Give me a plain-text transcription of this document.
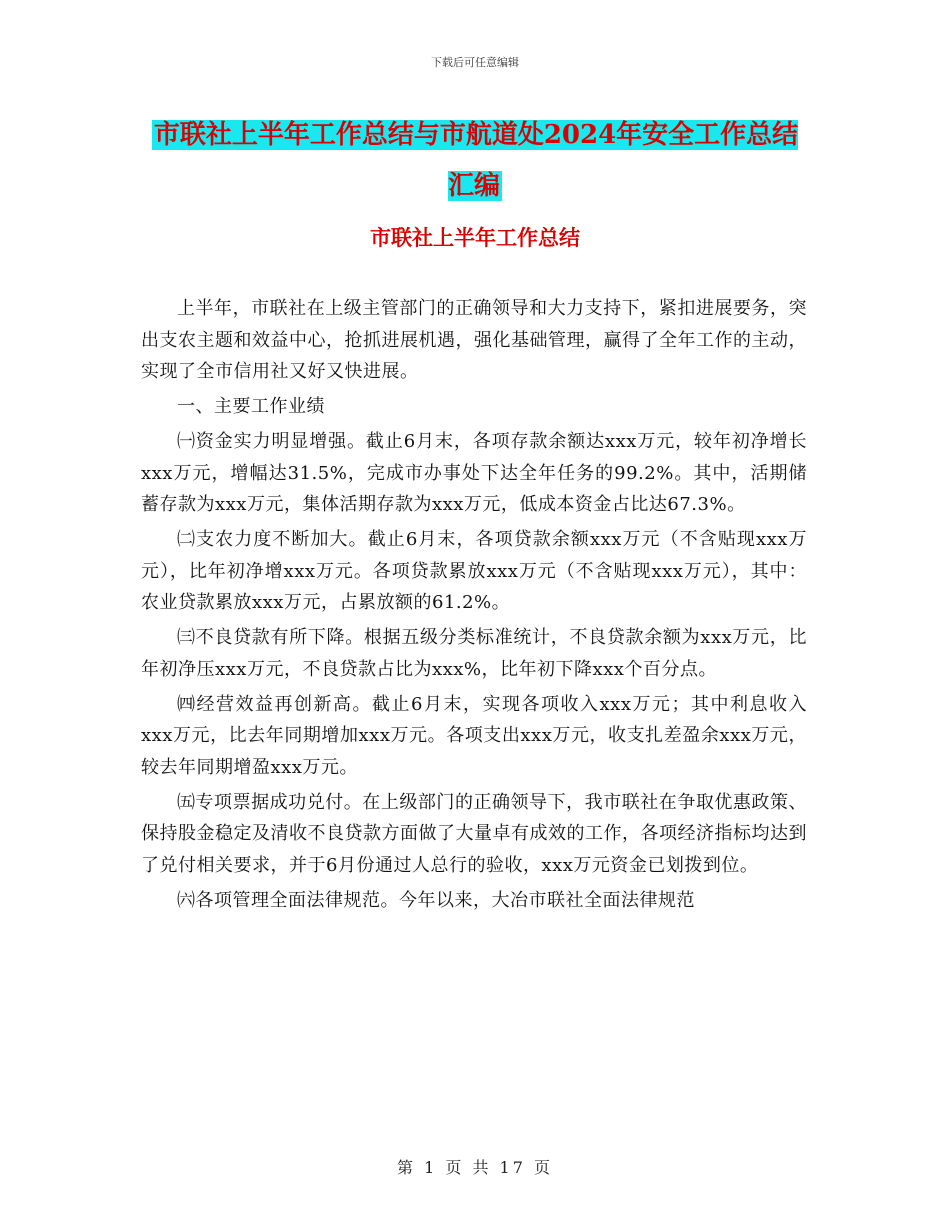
下载后可任意编辑
市联社上半年工作总结与市航道处2024年安全工作总结汇编
市联社上半年工作总结

上半年，市联社在上级主管部门的正确领导和大力支持下，紧扣进展要务，突出支农主题和效益中心，抢抓进展机遇，强化基础管理，赢得了全年工作的主动，实现了全市信用社又好又快进展。

一、主要工作业绩

㈠资金实力明显增强。截止6月末，各项存款余额达xxx万元，较年初净增长xxx万元，增幅达31.5%，完成市办事处下达全年任务的99.2%。其中，活期储蓄存款为xxx万元，集体活期存款为xxx万元，低成本资金占比达67.3%。

㈡支农力度不断加大。截止6月末，各项贷款余额xxx万元（不含贴现xxx万元），比年初净增xxx万元。各项贷款累放xxx万元（不含贴现xxx万元），其中：农业贷款累放xxx万元，占累放额的61.2%。

㈢不良贷款有所下降。根据五级分类标准统计，不良贷款余额为xxx万元，比年初净压xxx万元，不良贷款占比为xxx%，比年初下降xxx个百分点。

㈣经营效益再创新高。截止6月末，实现各项收入xxx万元；其中利息收入xxx万元，比去年同期增加xxx万元。各项支出xxx万元，收支扎差盈余xxx万元，较去年同期增盈xxx万元。

㈤专项票据成功兑付。在上级部门的正确领导下，我市联社在争取优惠政策、保持股金稳定及清收不良贷款方面做了大量卓有成效的工作，各项经济指标均达到了兑付相关要求，并于6月份通过人总行的验收，xxx万元资金已划拨到位。

㈥各项管理全面法律规范。今年以来，大冶市联社全面法律规范

第 1 页 共 17 页
